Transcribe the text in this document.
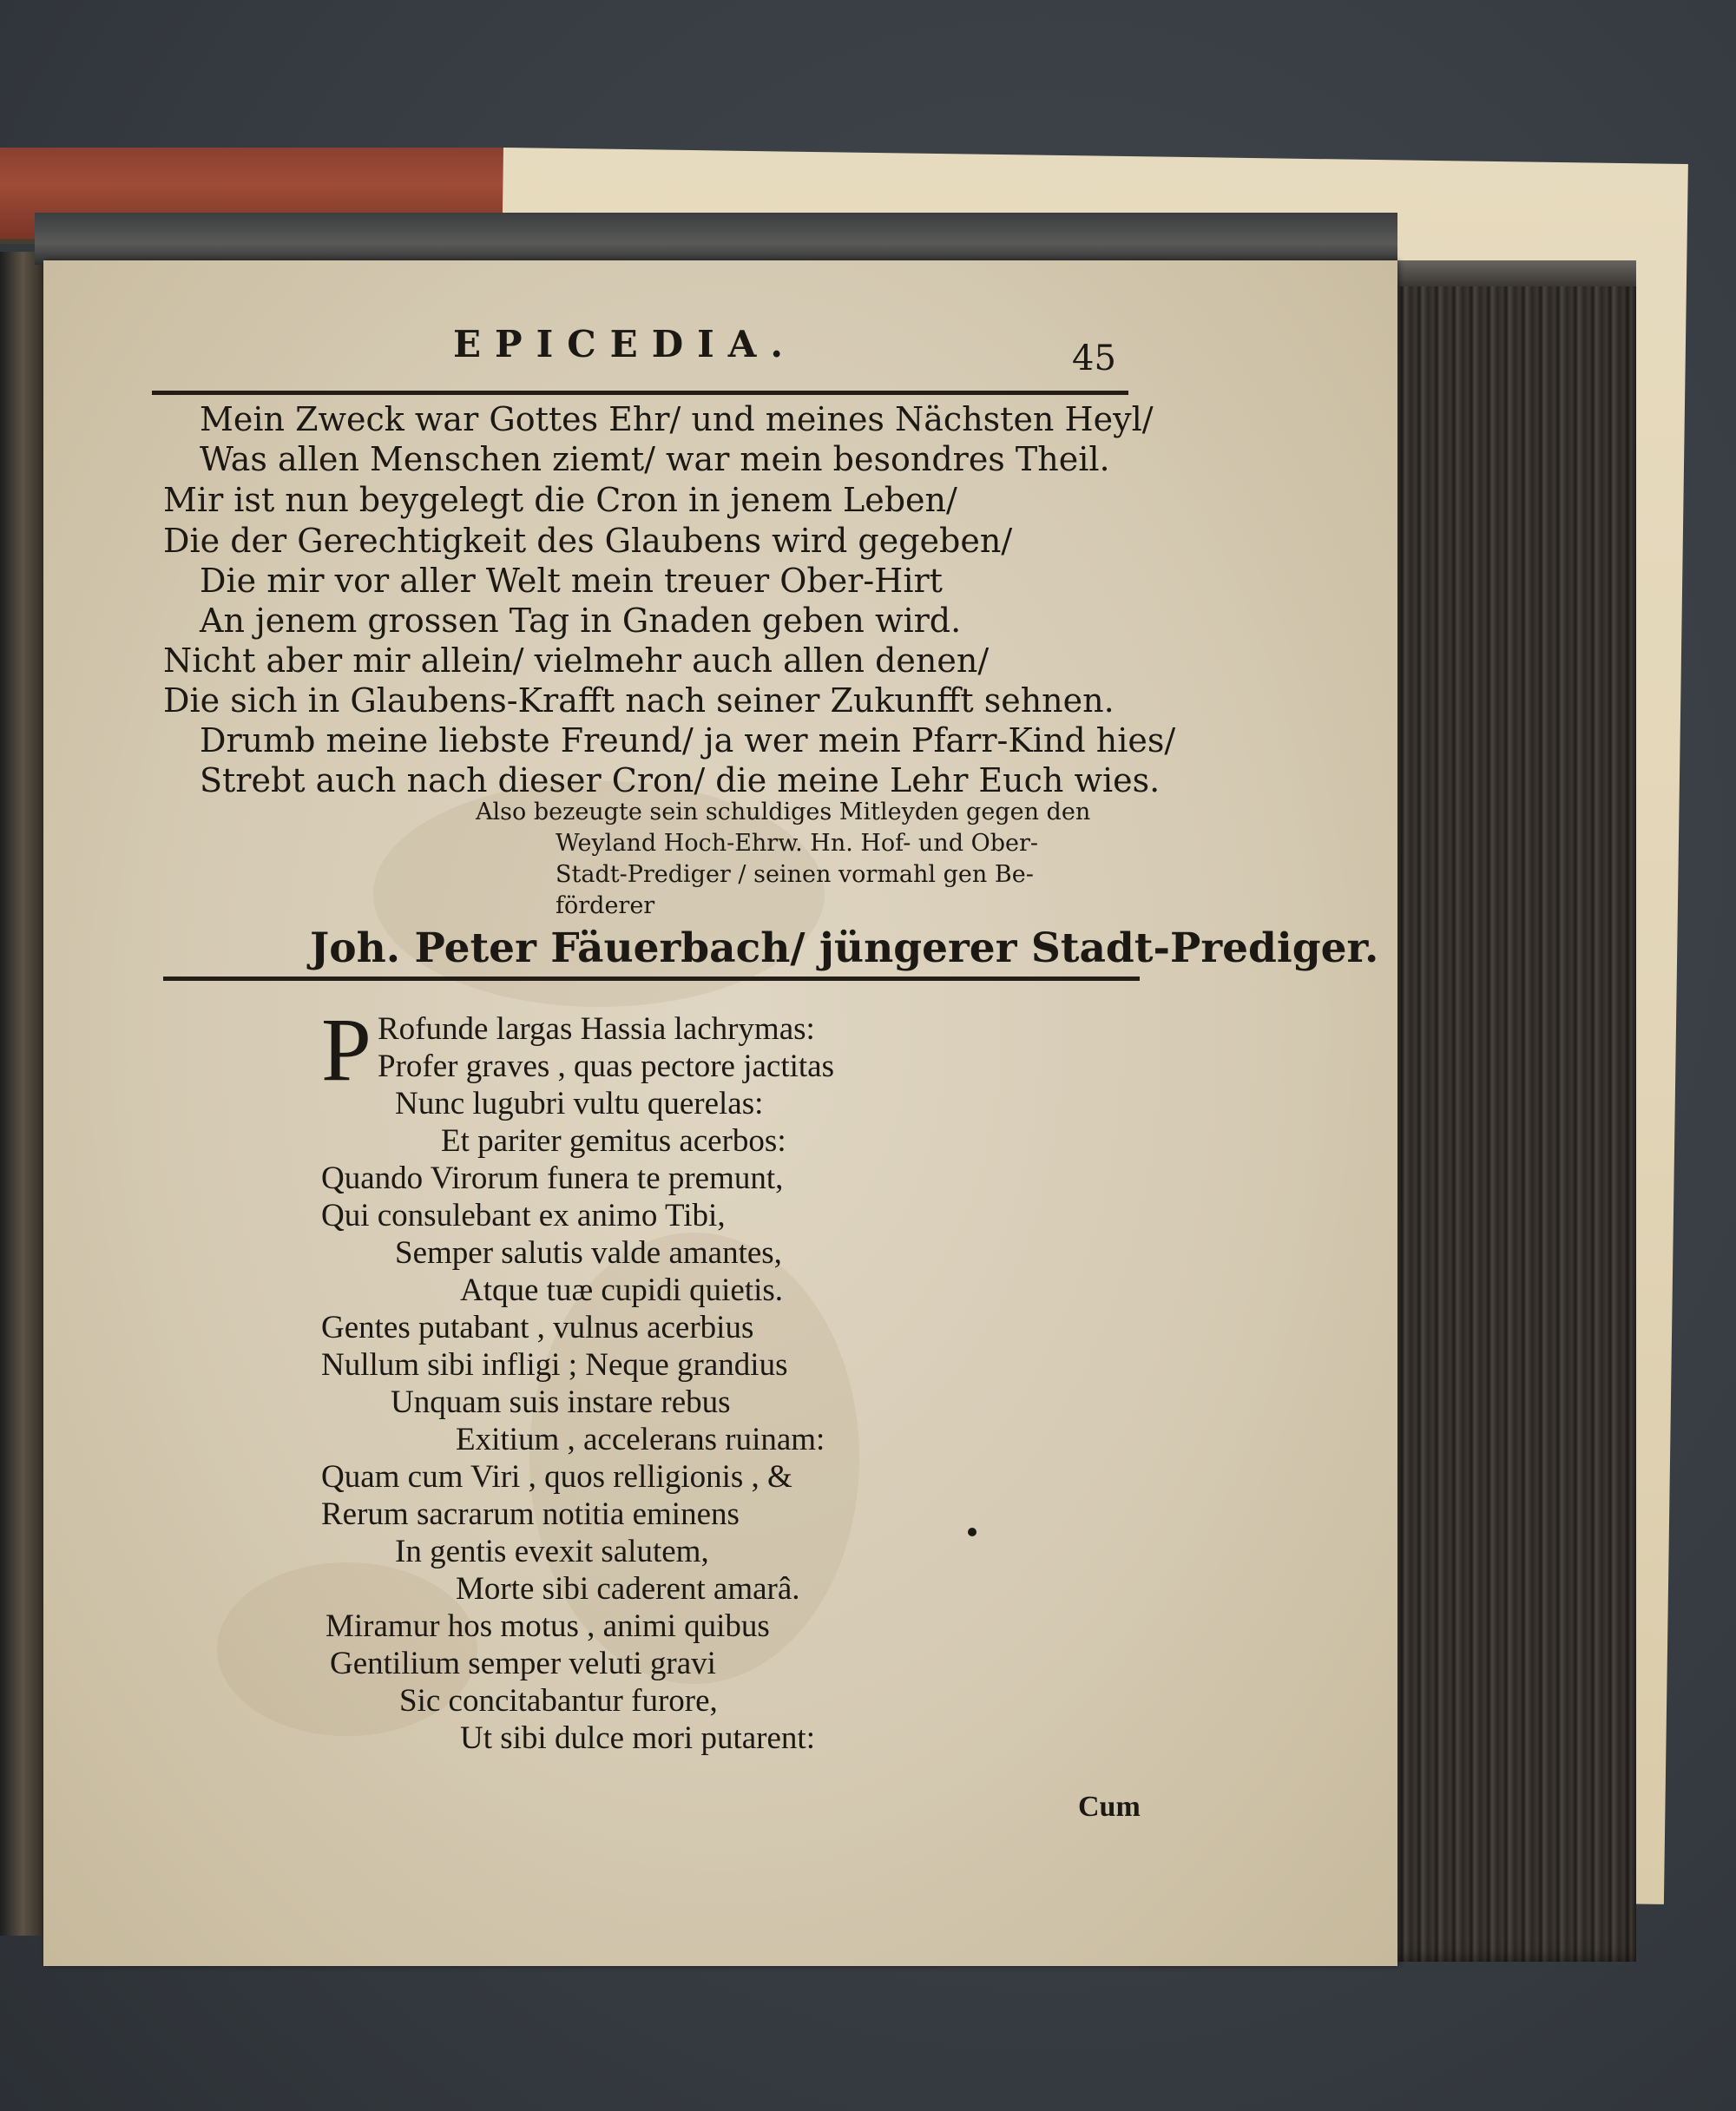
EPICEDIA.	45
Mein Zweck war Gottes Ehr/ und meines Nächsten Heyl/
Was allen Menschen ziemt/ war mein besondres Theil.
Mir ist nun beygelegt die Cron in jenem Leben/
Die der Gerechtigkeit des Glaubens wird gegeben/
Die mir vor aller Welt mein treuer Ober-Hirt
An jenem grossen Tag in Gnaden geben wird.
Nicht aber mir allein/ vielmehr auch allen denen/
Die sich in Glaubens-Krafft nach seiner Zukunfft sehnen.
Drumb meine liebste Freund/ ja wer mein Pfarr-Kind hies/
Strebt auch nach dieser Cron/ die meine Lehr Euch wies.
Also bezeugte sein schuldiges Mitleyden gegen den
Weyland Hoch-Ehrw. Hn. Hof- und Ober-
Stadt-Prediger / seinen vormahl gen Be-
förderer
Joh. Peter Fäuerbach/ jüngerer Stadt-Prediger.
P Rofunde largas Hassia lachrymas:
Profer graves , quas pectore jactitas
Nunc lugubri vultu querelas:
Et pariter gemitus acerbos:
Quando Virorum funera te premunt,
Qui consulebant ex animo Tibi,
Semper salutis valde amantes,
Atque tuæ cupidi quietis.
Gentes putabant , vulnus acerbius
Nullum sibi infligi ; Neque grandius
Unquam suis instare rebus
Exitium , accelerans ruinam:
Quam cum Viri , quos relligionis , &
Rerum sacrarum notitia eminens
In gentis evexit salutem,
Morte sibi caderent amarâ.
Miramur hos motus , animi quibus
Gentilium semper veluti gravi
Sic concitabantur furore,
Ut sibi dulce mori putarent:
Cum
